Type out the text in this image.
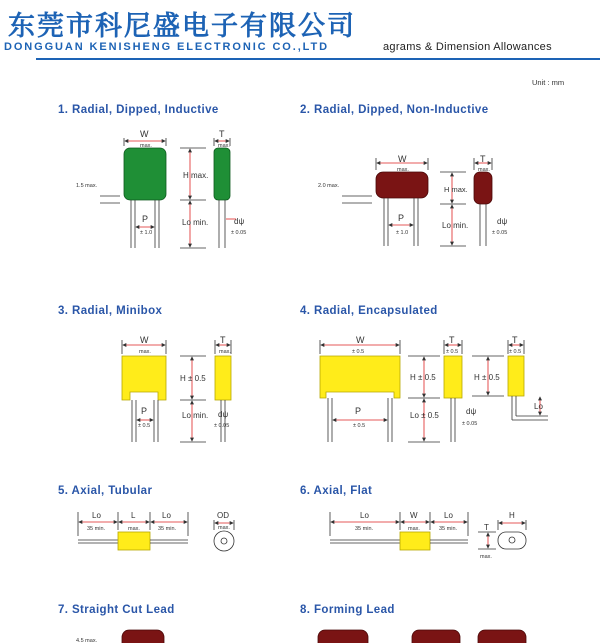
东莞市科尼盛电子有限公司
DONGGUAN KENISHENG ELECTRONIC CO.,LTD	agrams & Dimension Allowances
Unit : mm
1. Radial, Dipped, Inductive	2. Radial, Dipped, Non-Inductive
3. Radial, Minibox	4. Radial, Encapsulated
5. Axial, Tubular	6. Axial, Flat
7. Straight Cut Lead	8. Forming Lead
W
max.
T
max.
H max.
1.5 max.
P
± 1.0
Lo min.	dψ
± 0.05
W
max.
T
max.
H max.
2.0 max.
P
± 1.0
Lo min.	dψ
± 0.05
W
max.
T
max.
H ± 0.5
P
± 0.5
Lo min. dψ
± 0.05
W
± 0.5
T
± 0.5
T
± 0.5
H ± 0.5	H ± 0.5
P
± 0.5
Lo ± 0.5	dψ
± 0.05
Lo
Lo
35 min.
L
max.
Lo
35 min.
OD
max.
Lo
35 min.
W
max.
Lo
35 min.
H
T
max.
4.5 max.
